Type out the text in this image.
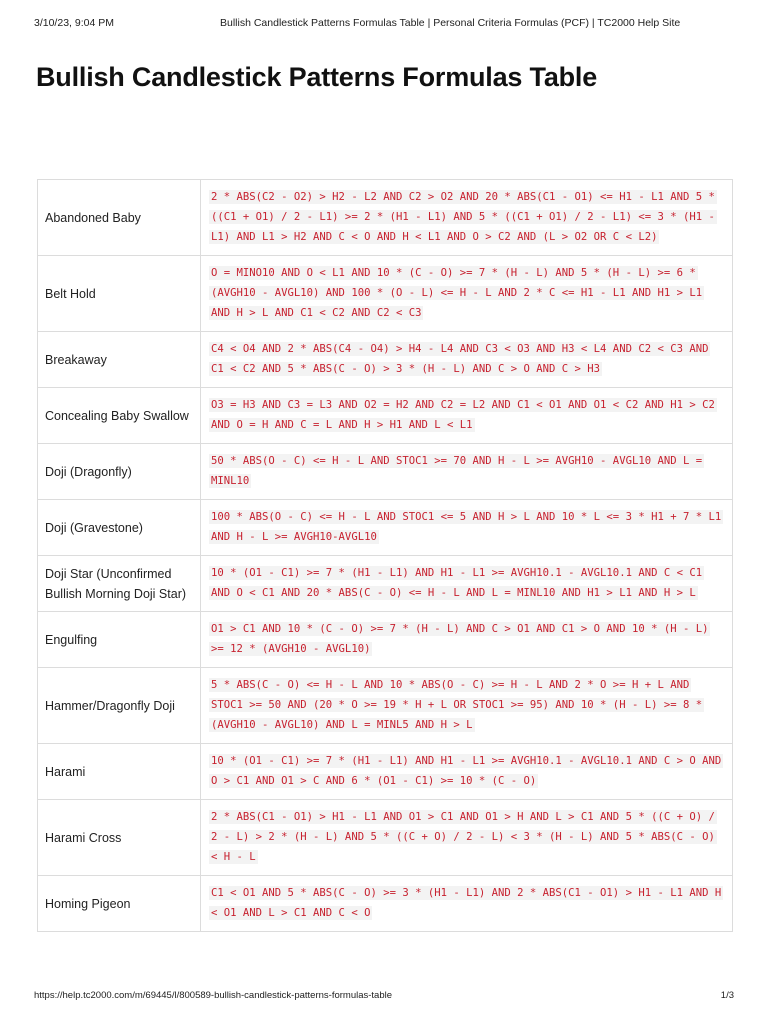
3/10/23, 9:04 PM	Bullish Candlestick Patterns Formulas Table | Personal Criteria Formulas (PCF) | TC2000 Help Site
Bullish Candlestick Patterns Formulas Table
Abandoned Baby	2 * ABS(C2 - O2) > H2 - L2 AND C2 > O2 AND 20 * ABS(C1 - O1) <= H1 - L1 AND 5 * ((C1 + O1) / 2 - L1) >= 2 * (H1 - L1) AND 5 * ((C1 + O1) / 2 - L1) <= 3 * (H1 - L1) AND L1 > H2 AND C < O AND H < L1 AND O > C2 AND (L > O2 OR C < L2)
Belt Hold	O = MINO10 AND O < L1 AND 10 * (C - O) >= 7 * (H - L) AND 5 * (H - L) >= 6 * (AVGH10 - AVGL10) AND 100 * (O - L) <= H - L AND 2 * C <= H1 - L1 AND H1 > L1 AND H > L AND C1 < C2 AND C2 < C3
Breakaway	C4 < O4 AND 2 * ABS(C4 - O4) > H4 - L4 AND C3 < O3 AND H3 < L4 AND C2 < C3 AND C1 < C2 AND 5 * ABS(C - O) > 3 * (H - L) AND C > O AND C > H3
Concealing Baby Swallow	O3 = H3 AND C3 = L3 AND O2 = H2 AND C2 = L2 AND C1 < O1 AND O1 < C2 AND H1 > C2 AND O = H AND C = L AND H > H1 AND L < L1
Doji (Dragonfly)	50 * ABS(O - C) <= H - L AND STOC1 >= 70 AND H - L >= AVGH10 - AVGL10 AND L = MINL10
Doji (Gravestone)	100 * ABS(O - C) <= H - L AND STOC1 <= 5 AND H > L AND 10 * L <= 3 * H1 + 7 * L1 AND H - L >= AVGH10-AVGL10
Doji Star (Unconfirmed Bullish Morning Doji Star)	10 * (O1 - C1) >= 7 * (H1 - L1) AND H1 - L1 >= AVGH10.1 - AVGL10.1 AND C < C1 AND O < C1 AND 20 * ABS(C - O) <= H - L AND L = MINL10 AND H1 > L1 AND H > L
Engulfing	O1 > C1 AND 10 * (C - O) >= 7 * (H - L) AND C > O1 AND C1 > O AND 10 * (H - L) >= 12 * (AVGH10 - AVGL10)
Hammer/Dragonfly Doji	5 * ABS(C - O) <= H - L AND 10 * ABS(O - C) >= H - L AND 2 * O >= H + L AND STOC1 >= 50 AND (20 * O >= 19 * H + L OR STOC1 >= 95) AND 10 * (H - L) >= 8 * (AVGH10 - AVGL10) AND L = MINL5 AND H > L
Harami	10 * (O1 - C1) >= 7 * (H1 - L1) AND H1 - L1 >= AVGH10.1 - AVGL10.1 AND C > O AND O > C1 AND O1 > C AND 6 * (O1 - C1) >= 10 * (C - O)
Harami Cross	2 * ABS(C1 - O1) > H1 - L1 AND O1 > C1 AND O1 > H AND L > C1 AND 5 * ((C + O) / 2 - L) > 2 * (H - L) AND 5 * ((C + O) / 2 - L) < 3 * (H - L) AND 5 * ABS(C - O) < H - L
Homing Pigeon	C1 < O1 AND 5 * ABS(C - O) >= 3 * (H1 - L1) AND 2 * ABS(C1 - O1) > H1 - L1 AND H < O1 AND L > C1 AND C < O
https://help.tc2000.com/m/69445/l/800589-bullish-candlestick-patterns-formulas-table	1/3
